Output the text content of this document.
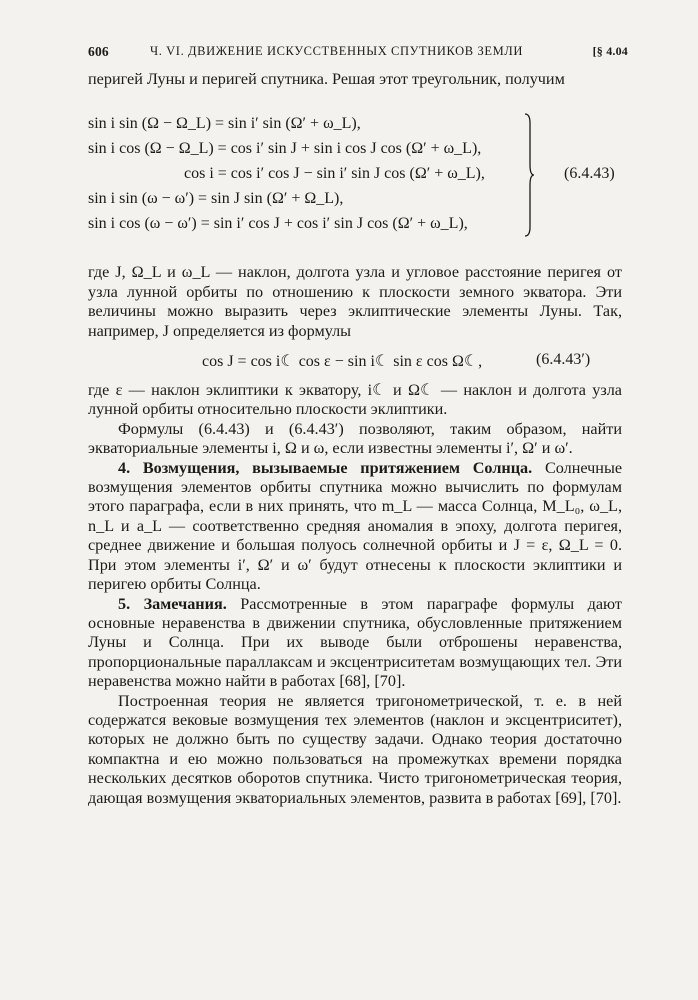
606	Ч. VI. ДВИЖЕНИЕ ИСКУССТВЕННЫХ СПУТНИКОВ ЗЕМЛИ	[§ 4.04

перигей Луны и перигей спутника. Решая этот треугольник, получим

sin i sin (Ω − Ω_L) = sin i′ sin (Ω′ + ω_L),
sin i cos (Ω − Ω_L) = cos i′ sin J + sin i cos J cos (Ω′ + ω_L),
cos i = cos i′ cos J − sin i′ sin J cos (Ω′ + ω_L),
sin i sin (ω − ω′) = sin J sin (Ω′ + Ω_L),
sin i cos (ω − ω′) = sin i′ cos J + cos i′ sin J cos (Ω′ + ω_L),
(6.4.43)

где J, Ω_L и ω_L — наклон, долгота узла и угловое расстояние перигея от узла лунной орбиты по отношению к плоскости земного экватора. Эти величины можно выразить через эклиптические элементы Луны. Так, например, J определяется из формулы

cos J = cos i☾ cos ε − sin i☾ sin ε cos Ω☾,	(6.4.43′)

где ε — наклон эклиптики к экватору, i☾ и Ω☾ — наклон и долгота узла лунной орбиты относительно плоскости эклиптики.

Формулы (6.4.43) и (6.4.43′) позволяют, таким образом, найти экваториальные элементы i, Ω и ω, если известны элементы i′, Ω′ и ω′.

4. Возмущения, вызываемые притяжением Солнца. Солнечные возмущения элементов орбиты спутника можно вычислить по формулам этого параграфа, если в них принять, что m_L — масса Солнца, M_L₀, ω_L, n_L и a_L — соответственно средняя аномалия в эпоху, долгота перигея, среднее движение и большая полуось солнечной орбиты и J = ε, Ω_L = 0. При этом элементы i′, Ω′ и ω′ будут отнесены к плоскости эклиптики и перигею орбиты Солнца.

5. Замечания. Рассмотренные в этом параграфе формулы дают основные неравенства в движении спутника, обусловленные притяжением Луны и Солнца. При их выводе были отброшены неравенства, пропорциональные параллаксам и эксцентриситетам возмущающих тел. Эти неравенства можно найти в работах [68], [70].

Построенная теория не является тригонометрической, т. е. в ней содержатся вековые возмущения тех элементов (наклон и эксцентриситет), которых не должно быть по существу задачи. Однако теория достаточно компактна и ею можно пользоваться на промежутках времени порядка нескольких десятков оборотов спутника. Чисто тригонометрическая теория, дающая возмущения экваториальных элементов, развита в работах [69], [70].
